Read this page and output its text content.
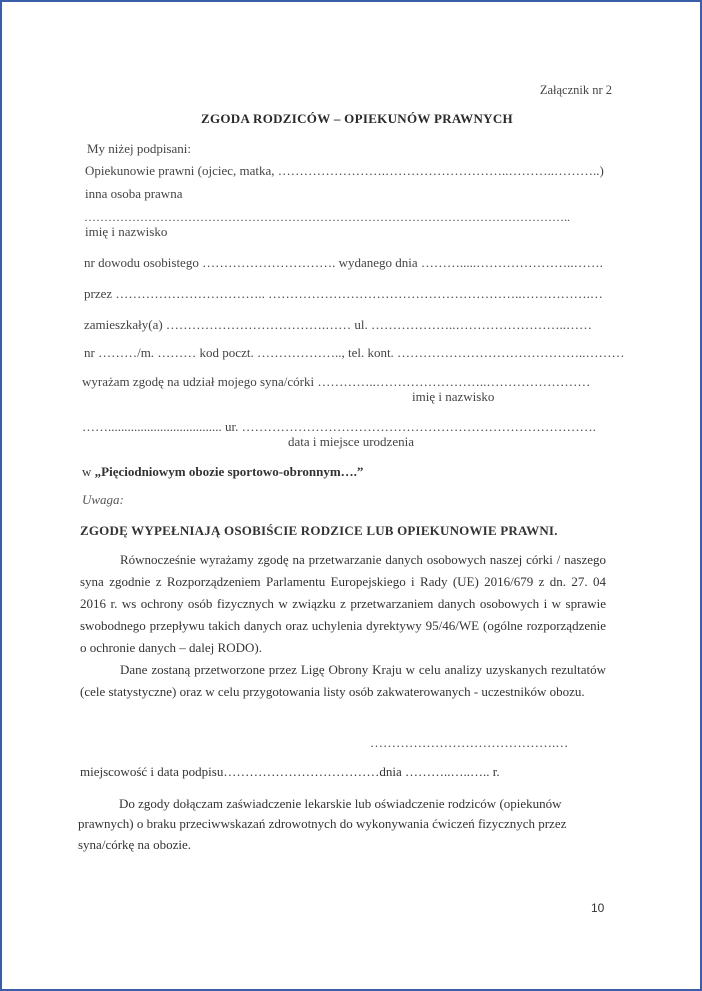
Załącznik nr 2
ZGODA RODZICÓW – OPIEKUNÓW PRAWNYCH
My niżej podpisani:
Opiekunowie prawni (ojciec, matka, …………………….………………………..………..………..)
inna osoba prawna
…………………………………………………………………………………………………………..
imię i nazwisko
nr dowodu osobistego …………………………. wydanego dnia ……….....…………………..…….
przez …………………………….. …………………………………………………..…………….…
zamieszkały(a) ……………………………….…… ul. ………………..……………………..……
nr ………/m. ……… kod poczt. ……………….., tel. kont. ……………………………………..………
wyrażam zgodę na udział mojego syna/córki …………..……………………..……………………
imię i nazwisko
……................................... ur. ……………………………………………………………………….
data i miejsce urodzenia
w „Pięciodniowym obozie sportowo-obronnym….”
Uwaga:
ZGODĘ WYPEŁNIAJĄ OSOBIŚCIE RODZICE LUB OPIEKUNOWIE PRAWNI.

Równocześnie wyrażamy zgodę na przetwarzanie danych osobowych naszej córki / naszego syna zgodnie z Rozporządzeniem Parlamentu Europejskiego i Rady (UE) 2016/679 z dn. 27. 04 2016 r. ws ochrony osób fizycznych w związku z przetwarzaniem danych osobowych i w sprawie swobodnego przepływu takich danych oraz uchylenia dyrektywy 95/46/WE (ogólne rozporządzenie o ochronie danych – dalej RODO).

Dane zostaną przetworzone przez Ligę Obrony Kraju w celu analizy uzyskanych rezultatów (cele statystyczne) oraz w celu przygotowania listy osób zakwaterowanych - uczestników obozu.

…………………………………….…
miejscowość i data podpisu………………………………dnia ………..…..….. r.
Do zgody dołączam zaświadczenie lekarskie lub oświadczenie rodziców (opiekunów
prawnych) o braku przeciwwskazań zdrowotnych do wykonywania ćwiczeń fizycznych przez
syna/córkę na obozie.
10
